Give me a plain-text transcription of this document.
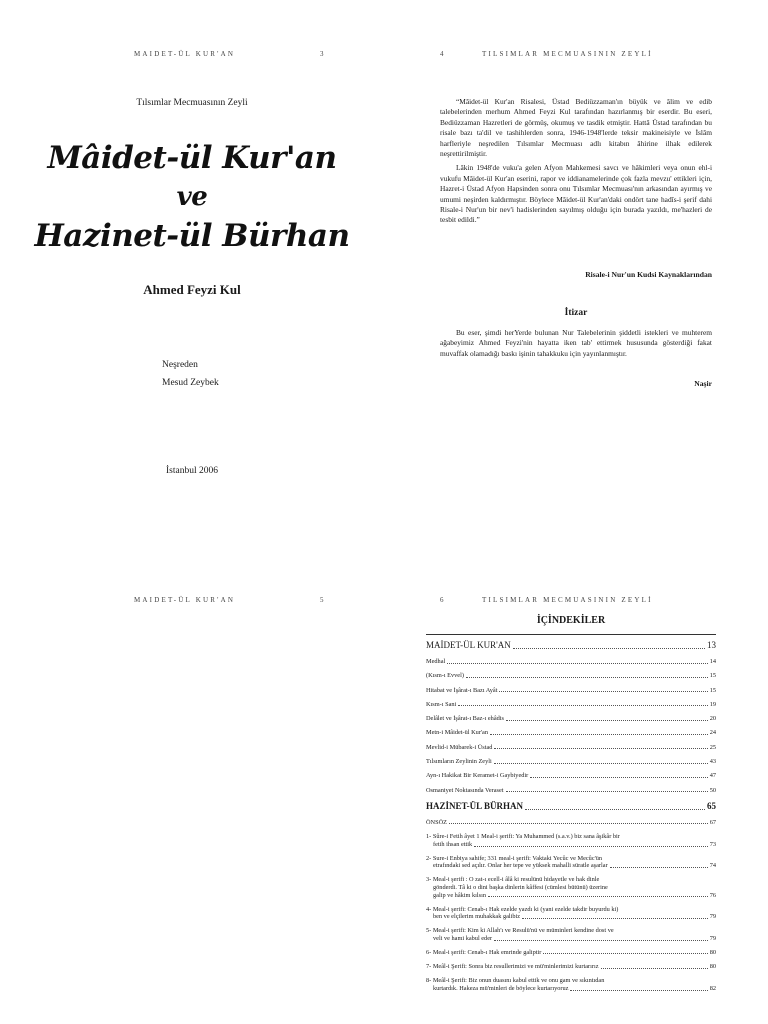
MAIDET-ÜL KUR'AN	3
Tılsımlar Mecmuasının Zeyli
Mâidet-ül Kur'an
ve
Hazinet-ül Bürhan
Ahmed Feyzi Kul
Neşreden
Mesud Zeybek
İstanbul 2006
4	TILSIMLAR MECMUASININ ZEYLİ

“Mâidet-ül Kur'an Risalesi, Üstad Bediüzzaman'ın büyük ve âlim ve edib talebelerinden merhum Ahmed Feyzi Kul tarafından hazırlanmış bir eserdir. Bu eseri, Bediüzzaman Hazretleri de görmüş, okumuş ve tasdik etmiştir. Hattâ Üstad tarafından bu risale bazı ta'dil ve tashihlerden sonra, 1946-1948'lerde teksir makineisiyle ve İslâm harfleriyle neşredilen Tılsımlar Mecmuası adlı kitabın âhirine ilhak edilerek neşrettirilmiştir.

Lâkin 1948'de vuku'a gelen Afyon Mahkemesi savcı ve hâkimleri veya onun ehl-i vukufu Mâidet-ül Kur'an eserini, rapor ve iddianamelerinde çok fazla mevzu' ettikleri için, Hazret-i Üstad Afyon Hapsinden sonra onu Tılsımlar Mecmuası'nın arkasından ayırmış ve umumi neşirden kaldırmıştır. Böylece Mâidet-ül Kur'an'daki ondört tane hadîs-i şerif dahi Risale-i Nur'un bir nev'i hadislerinden sayılmış olduğu için burada yazıldı, me'hazleri de tesbit edildi.”

Risale-i Nur'un Kudsi Kaynaklarından
İtizar

Bu eser, şimdi herYerde bulunan Nur Talebelerinin şiddetli istekleri ve muhterem ağabeyimiz Ahmed Feyzi'nin hayatta iken tab' ettirmek hususunda gösterdiği fakat muvaffak olamadığı baskı işinin tahakkuku için yayınlanmıştır.

Naşir
MAIDET-ÜL KUR'AN	5	6	TILSIMLAR MECMUASININ ZEYLİ
İÇİNDEKİLER
MAİDET-ÜL KUR'AN	13
Medhal	14
(Kısm-ı Evvel)	15
Hitabat ve İşârat-ı Bazı Ayât	15
Kısm-ı Sani	19
Delâlet ve İşârat-ı Baz-ı ehâdis	20
Metn-i Mâidet-ül Kur'an	24
Mevlid-i Mübarek-i Üstad	25
Tılsımların Zeylinin Zeyli	43
Ayn-ı Hakikat Bir Keramet-i Gaybiyedir	47
Osmaniyet Noktasında Veraset	50
HAZİNET-ÜL BÜRHAN	65
ÖNSÖZ	67
1- Sûre-i Fetih âyet 1 Meal-i şerifi: Ya Muhammed (s.a.v.) biz sana âşikâr bir
fetih ihsan ettik	73
2- Sure-i Enbiya sahife; 331 meal-i şerifi: Vaktaki Yecûc ve Mecûc'ün
etrafındaki sed açılır. Onlar her tepe ve yüksek mahalli süratle aşarlar	74
3- Meal-i şerifi : O zat-ı ecell-i âlâ ki resulünü hidayetle ve hak dinle
gönderdi. Tâ ki o dini başka dinlerin kâffesi (cümlesi bütünü) üzerine
galip ve hâkim kılsın	76
4- Meal-i şerifi: Cenab-ı Hak ezelde yazdı ki (yani ezelde takdir buyurdu ki)
ben ve elçilerim muhakkak galibiz	79
5- Meal-i şerifi: Kim ki Allah'ı ve Resulü'nü ve müminleri kendine dost ve
veli ve hami kabul eder	79
6- Meal-i şerifi: Cenab-ı Hak emrinde galiptir	80
7- Meâl-i Şerifi: Sonra biz resullerimizi ve mü'minlerimizi kurtarırız	80
8- Meâl-i Şerifi: Biz onun duasını kabul ettik ve onu gam ve sıkıntıdan
kurtardık. Hakeza mü'minleri de böylece kurtarıyoruz	82
